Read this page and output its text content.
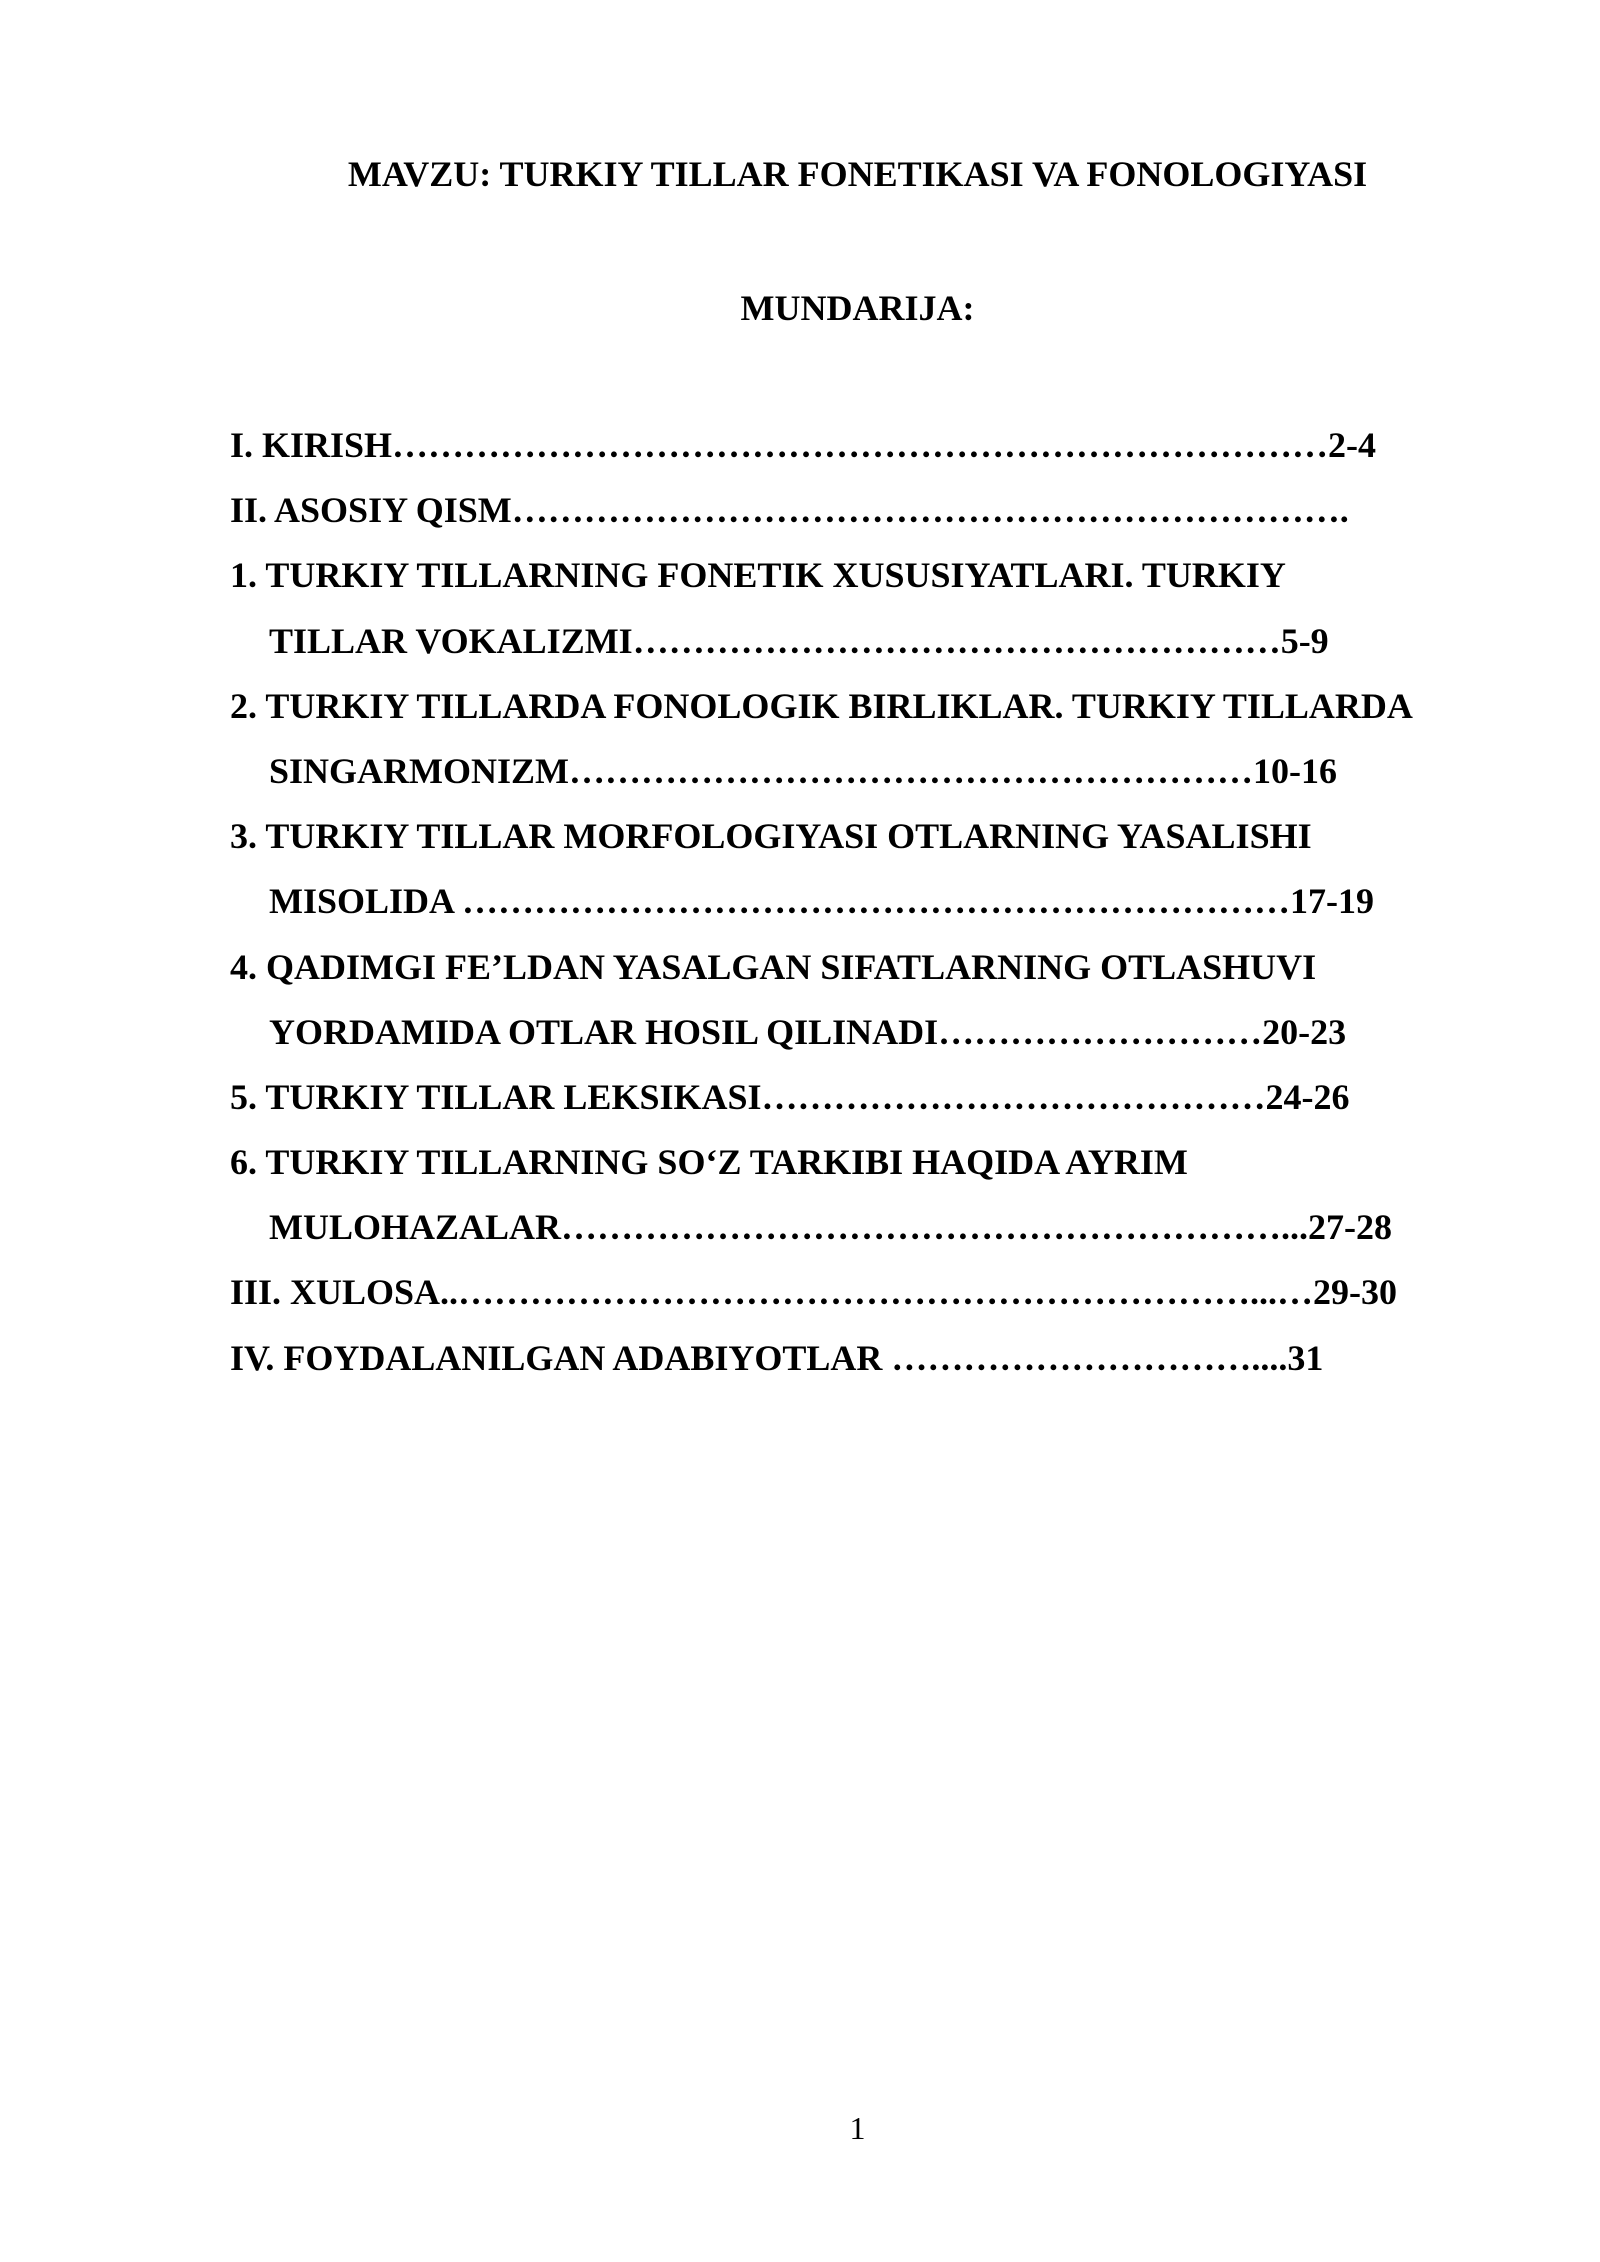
MAVZU: TURKIY TILLAR FONETIKASI VA FONOLOGIYASI
MUNDARIJA:
I. KIRISH……………………………………………………………………2-4
II. ASOSIY QISM…………………………………………………………….
1. TURKIY TILLARNING FONETIK XUSUSIYATLARI. TURKIY
TILLAR VOKALIZMI………………………………………………5-9
2. TURKIY TILLARDA FONOLOGIK BIRLIKLAR. TURKIY TILLARDA
SINGARMONIZM…………………………………………………10-16
3. TURKIY TILLAR MORFOLOGIYASI OTLARNING YASALISHI
MISOLIDA ……………………………………………………………17-19
4. QADIMGI FE’LDAN YASALGAN SIFATLARNING OTLASHUVI
YORDAMIDA OTLAR HOSIL QILINADI………………………20-23
5. TURKIY TILLAR LEKSIKASI……………………………………24-26
6. TURKIY TILLARNING SO‘Z TARKIBI HAQIDA AYRIM
MULOHAZALAR……………………………………………………...27-28
III. XULOSA..…………………………………………………………...…29-30
IV. FOYDALANILGAN ADABIYOTLAR …………………………....31
1
